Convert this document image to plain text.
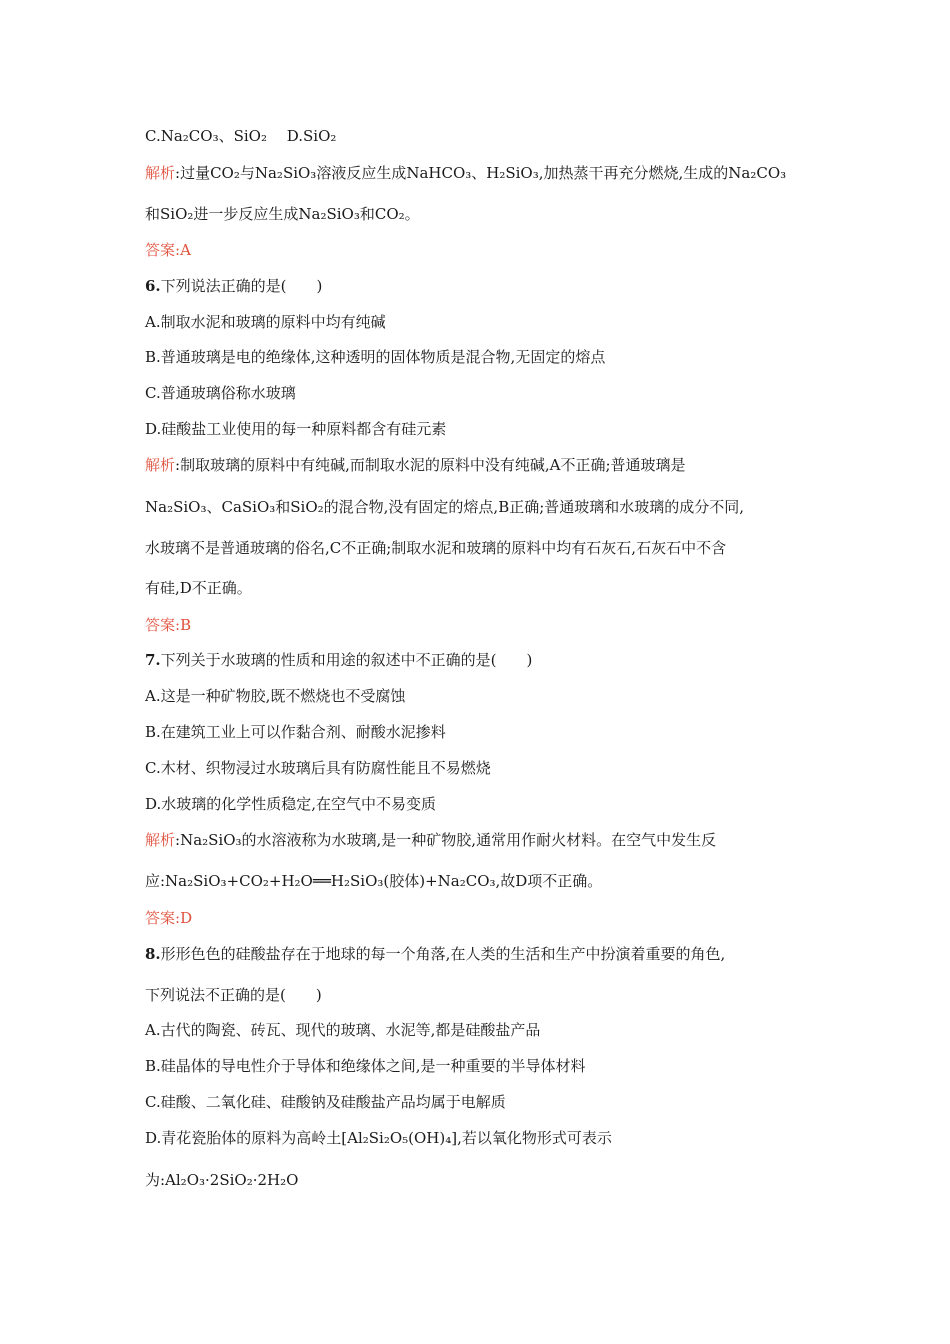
C.Na₂CO₃、SiO₂　 D.SiO₂

解析:过量CO₂与Na₂SiO₃溶液反应生成NaHCO₃、H₂SiO₃,加热蒸干再充分燃烧,生成的Na₂CO₃

和SiO₂进一步反应生成Na₂SiO₃和CO₂。

答案:A

6.下列说法正确的是(　　)

A.制取水泥和玻璃的原料中均有纯碱

B.普通玻璃是电的绝缘体,这种透明的固体物质是混合物,无固定的熔点

C.普通玻璃俗称水玻璃

D.硅酸盐工业使用的每一种原料都含有硅元素

解析:制取玻璃的原料中有纯碱,而制取水泥的原料中没有纯碱,A不正确;普通玻璃是

Na₂SiO₃、CaSiO₃和SiO₂的混合物,没有固定的熔点,B正确;普通玻璃和水玻璃的成分不同,

水玻璃不是普通玻璃的俗名,C不正确;制取水泥和玻璃的原料中均有石灰石,石灰石中不含

有硅,D不正确。

答案:B

7.下列关于水玻璃的性质和用途的叙述中不正确的是(　　)

A.这是一种矿物胶,既不燃烧也不受腐蚀

B.在建筑工业上可以作黏合剂、耐酸水泥掺料

C.木材、织物浸过水玻璃后具有防腐性能且不易燃烧

D.水玻璃的化学性质稳定,在空气中不易变质

解析:Na₂SiO₃的水溶液称为水玻璃,是一种矿物胶,通常用作耐火材料。在空气中发生反

应:Na₂SiO₃+CO₂+H₂O══H₂SiO₃(胶体)+Na₂CO₃,故D项不正确。

答案:D

8.形形色色的硅酸盐存在于地球的每一个角落,在人类的生活和生产中扮演着重要的角色,

下列说法不正确的是(　　)

A.古代的陶瓷、砖瓦、现代的玻璃、水泥等,都是硅酸盐产品

B.硅晶体的导电性介于导体和绝缘体之间,是一种重要的半导体材料

C.硅酸、二氧化硅、硅酸钠及硅酸盐产品均属于电解质

D.青花瓷胎体的原料为高岭土[Al₂Si₂O₅(OH)₄],若以氧化物形式可表示

为:Al₂O₃·2SiO₂·2H₂O
